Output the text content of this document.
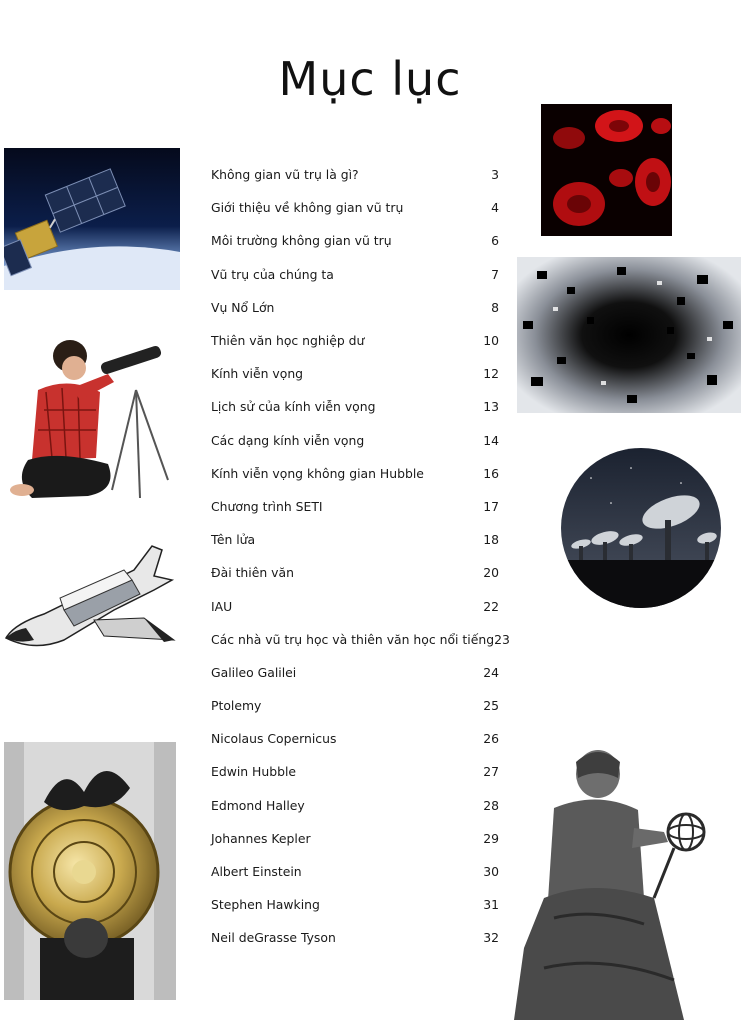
Mục lục
Không gian vũ trụ là gì?	3
Giới thiệu về không gian vũ trụ	4
Môi trường không gian vũ trụ	6
Vũ trụ của chúng ta	7
Vụ Nổ Lớn	8
Thiên văn học nghiệp dư	10
Kính viễn vọng	12
Lịch sử của kính viễn vọng	13
Các dạng kính viễn vọng	14
Kính viễn vọng không gian Hubble	16
Chương trình SETI	17
Tên lửa	18
Đài thiên văn	20
IAU	22
Các nhà vũ trụ học và thiên văn học nổi tiếng 23
Galileo Galilei	24
Ptolemy	25
Nicolaus Copernicus	26
Edwin Hubble	27
Edmond Halley	28
Johannes Kepler	29
Albert Einstein	30
Stephen Hawking	31
Neil deGrasse Tyson	32
